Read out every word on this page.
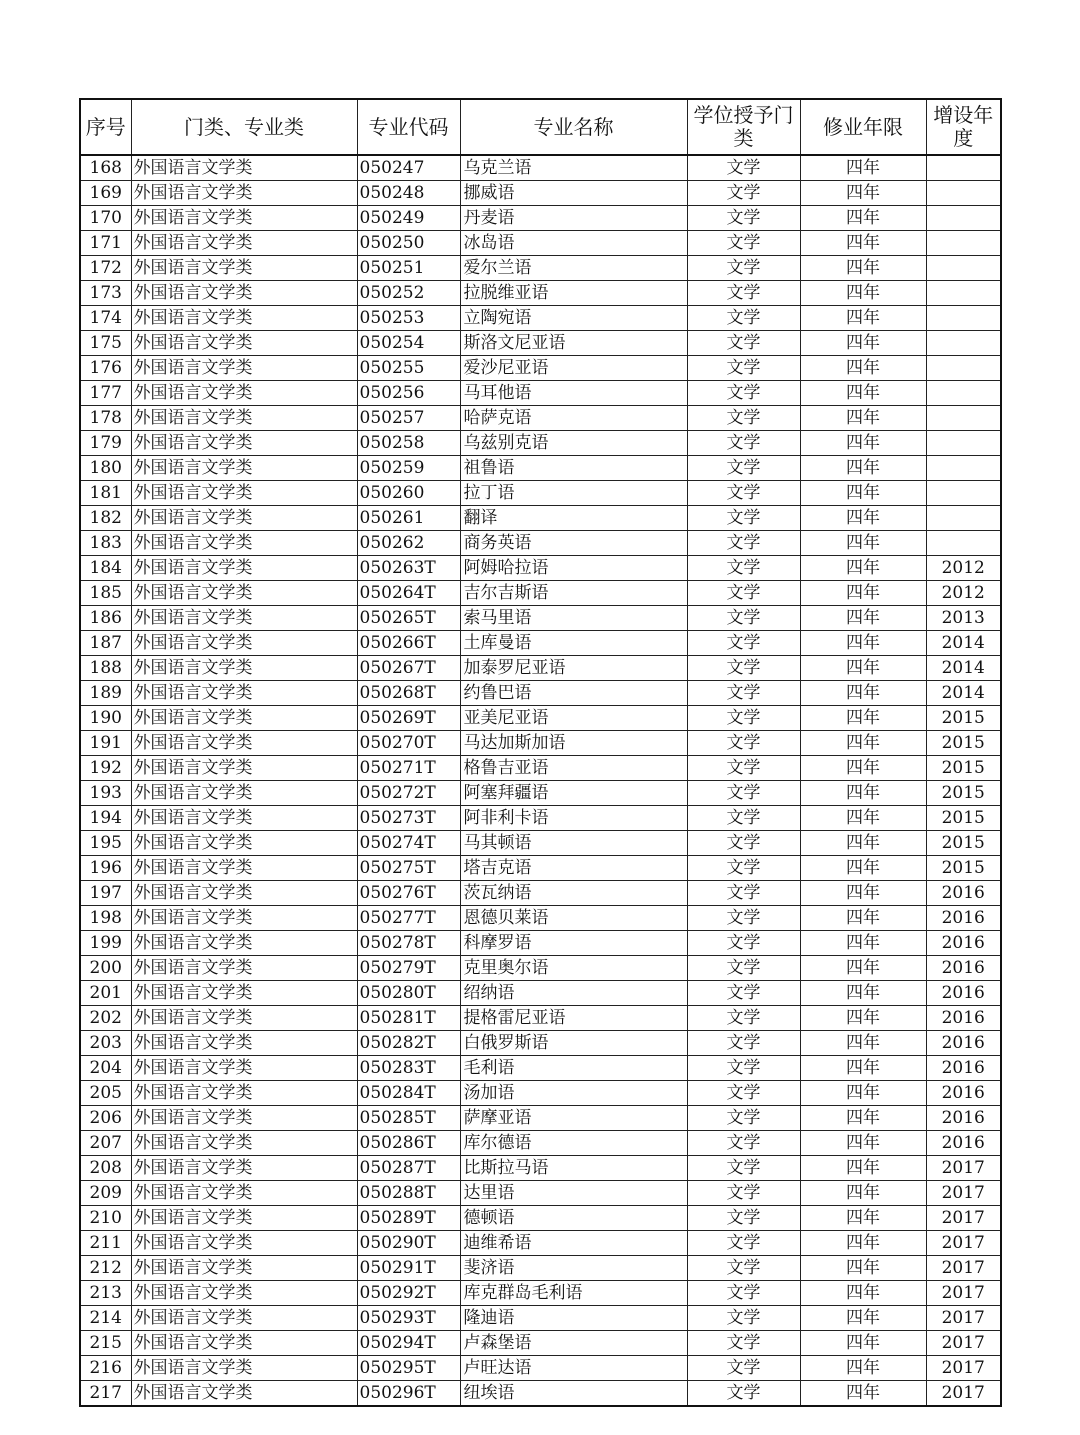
序号	门类、专业类	专业代码	专业名称	学位授予门类	修业年限	增设年度
168	外国语言文学类	050247	乌克兰语	文学	四年	
169	外国语言文学类	050248	挪威语	文学	四年	
170	外国语言文学类	050249	丹麦语	文学	四年	
171	外国语言文学类	050250	冰岛语	文学	四年	
172	外国语言文学类	050251	爱尔兰语	文学	四年	
173	外国语言文学类	050252	拉脱维亚语	文学	四年	
174	外国语言文学类	050253	立陶宛语	文学	四年	
175	外国语言文学类	050254	斯洛文尼亚语	文学	四年	
176	外国语言文学类	050255	爱沙尼亚语	文学	四年	
177	外国语言文学类	050256	马耳他语	文学	四年	
178	外国语言文学类	050257	哈萨克语	文学	四年	
179	外国语言文学类	050258	乌兹别克语	文学	四年	
180	外国语言文学类	050259	祖鲁语	文学	四年	
181	外国语言文学类	050260	拉丁语	文学	四年	
182	外国语言文学类	050261	翻译	文学	四年	
183	外国语言文学类	050262	商务英语	文学	四年	
184	外国语言文学类	050263T	阿姆哈拉语	文学	四年	2012
185	外国语言文学类	050264T	吉尔吉斯语	文学	四年	2012
186	外国语言文学类	050265T	索马里语	文学	四年	2013
187	外国语言文学类	050266T	土库曼语	文学	四年	2014
188	外国语言文学类	050267T	加泰罗尼亚语	文学	四年	2014
189	外国语言文学类	050268T	约鲁巴语	文学	四年	2014
190	外国语言文学类	050269T	亚美尼亚语	文学	四年	2015
191	外国语言文学类	050270T	马达加斯加语	文学	四年	2015
192	外国语言文学类	050271T	格鲁吉亚语	文学	四年	2015
193	外国语言文学类	050272T	阿塞拜疆语	文学	四年	2015
194	外国语言文学类	050273T	阿非利卡语	文学	四年	2015
195	外国语言文学类	050274T	马其顿语	文学	四年	2015
196	外国语言文学类	050275T	塔吉克语	文学	四年	2015
197	外国语言文学类	050276T	茨瓦纳语	文学	四年	2016
198	外国语言文学类	050277T	恩德贝莱语	文学	四年	2016
199	外国语言文学类	050278T	科摩罗语	文学	四年	2016
200	外国语言文学类	050279T	克里奥尔语	文学	四年	2016
201	外国语言文学类	050280T	绍纳语	文学	四年	2016
202	外国语言文学类	050281T	提格雷尼亚语	文学	四年	2016
203	外国语言文学类	050282T	白俄罗斯语	文学	四年	2016
204	外国语言文学类	050283T	毛利语	文学	四年	2016
205	外国语言文学类	050284T	汤加语	文学	四年	2016
206	外国语言文学类	050285T	萨摩亚语	文学	四年	2016
207	外国语言文学类	050286T	库尔德语	文学	四年	2016
208	外国语言文学类	050287T	比斯拉马语	文学	四年	2017
209	外国语言文学类	050288T	达里语	文学	四年	2017
210	外国语言文学类	050289T	德顿语	文学	四年	2017
211	外国语言文学类	050290T	迪维希语	文学	四年	2017
212	外国语言文学类	050291T	斐济语	文学	四年	2017
213	外国语言文学类	050292T	库克群岛毛利语	文学	四年	2017
214	外国语言文学类	050293T	隆迪语	文学	四年	2017
215	外国语言文学类	050294T	卢森堡语	文学	四年	2017
216	外国语言文学类	050295T	卢旺达语	文学	四年	2017
217	外国语言文学类	050296T	纽埃语	文学	四年	2017
